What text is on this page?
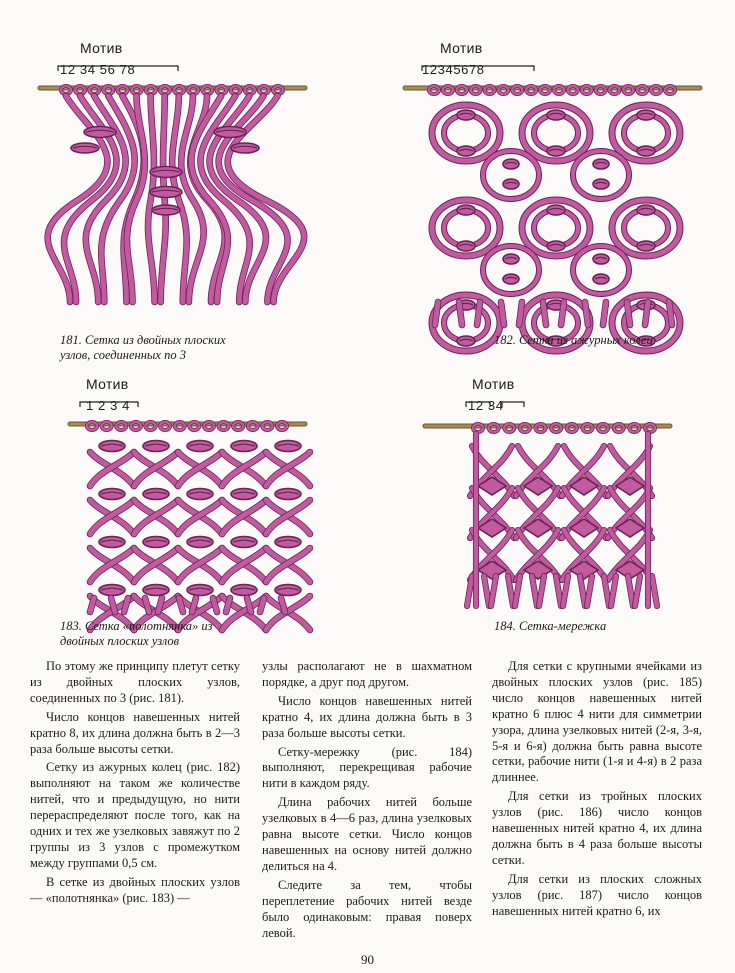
Мотив
12 34 56 78
181. Сетка из двойных плоских
узлов, соединенных по 3
Мотив
12345678
182. Сетка из ажурных колец
Мотив
1 2 3 4
183. Сетка «полотнянка» из
двойных плоских узлов
Мотив
12 34
184. Сетка-мережка

По этому же принципу плетут сетку из двойных плоских узлов, соединенных по 3 (рис. 181).

Число концов навешенных нитей кратно 8, их длина должна быть в 2—3 раза больше высоты сетки.

Сетку из ажурных колец (рис. 182) выполняют на таком же количестве нитей, что и предыдущую, но нити перераспределяют после того, как на одних и тех же узелковых завяжут по 2 группы из 3 узлов с промежутком между группами 0,5 см.

В сетке из двойных плоских узлов — «полотнянка» (рис. 183) —

узлы располагают не в шахматном порядке, а друг под другом.

Число концов навешенных нитей кратно 4, их длина должна быть в 3 раза больше высоты сетки.

Сетку-мережку (рис. 184) выполняют, перекрещивая рабочие нити в каждом ряду.

Длина рабочих нитей больше узелковых в 4—6 раз, длина узелковых равна высоте сетки. Число концов навешенных на основу нитей должно делиться на 4.

Следите за тем, чтобы переплетение рабочих нитей везде было одинаковым: правая поверх левой.

Для сетки с крупными ячейками из двойных плоских узлов (рис. 185) число концов навешенных нитей кратно 6 плюс 4 нити для симметрии узора, длина узелковых нитей (2-я, 3-я, 5-я и 6-я) должна быть равна высоте сетки, рабочие нити (1-я и 4-я) в 2 раза длиннее.

Для сетки из тройных плоских узлов (рис. 186) число концов навешенных нитей кратно 4, их длина должна быть в 4 раза больше высоты сетки.

Для сетки из плоских сложных узлов (рис. 187) число концов навешенных нитей кратно 6, их

90
